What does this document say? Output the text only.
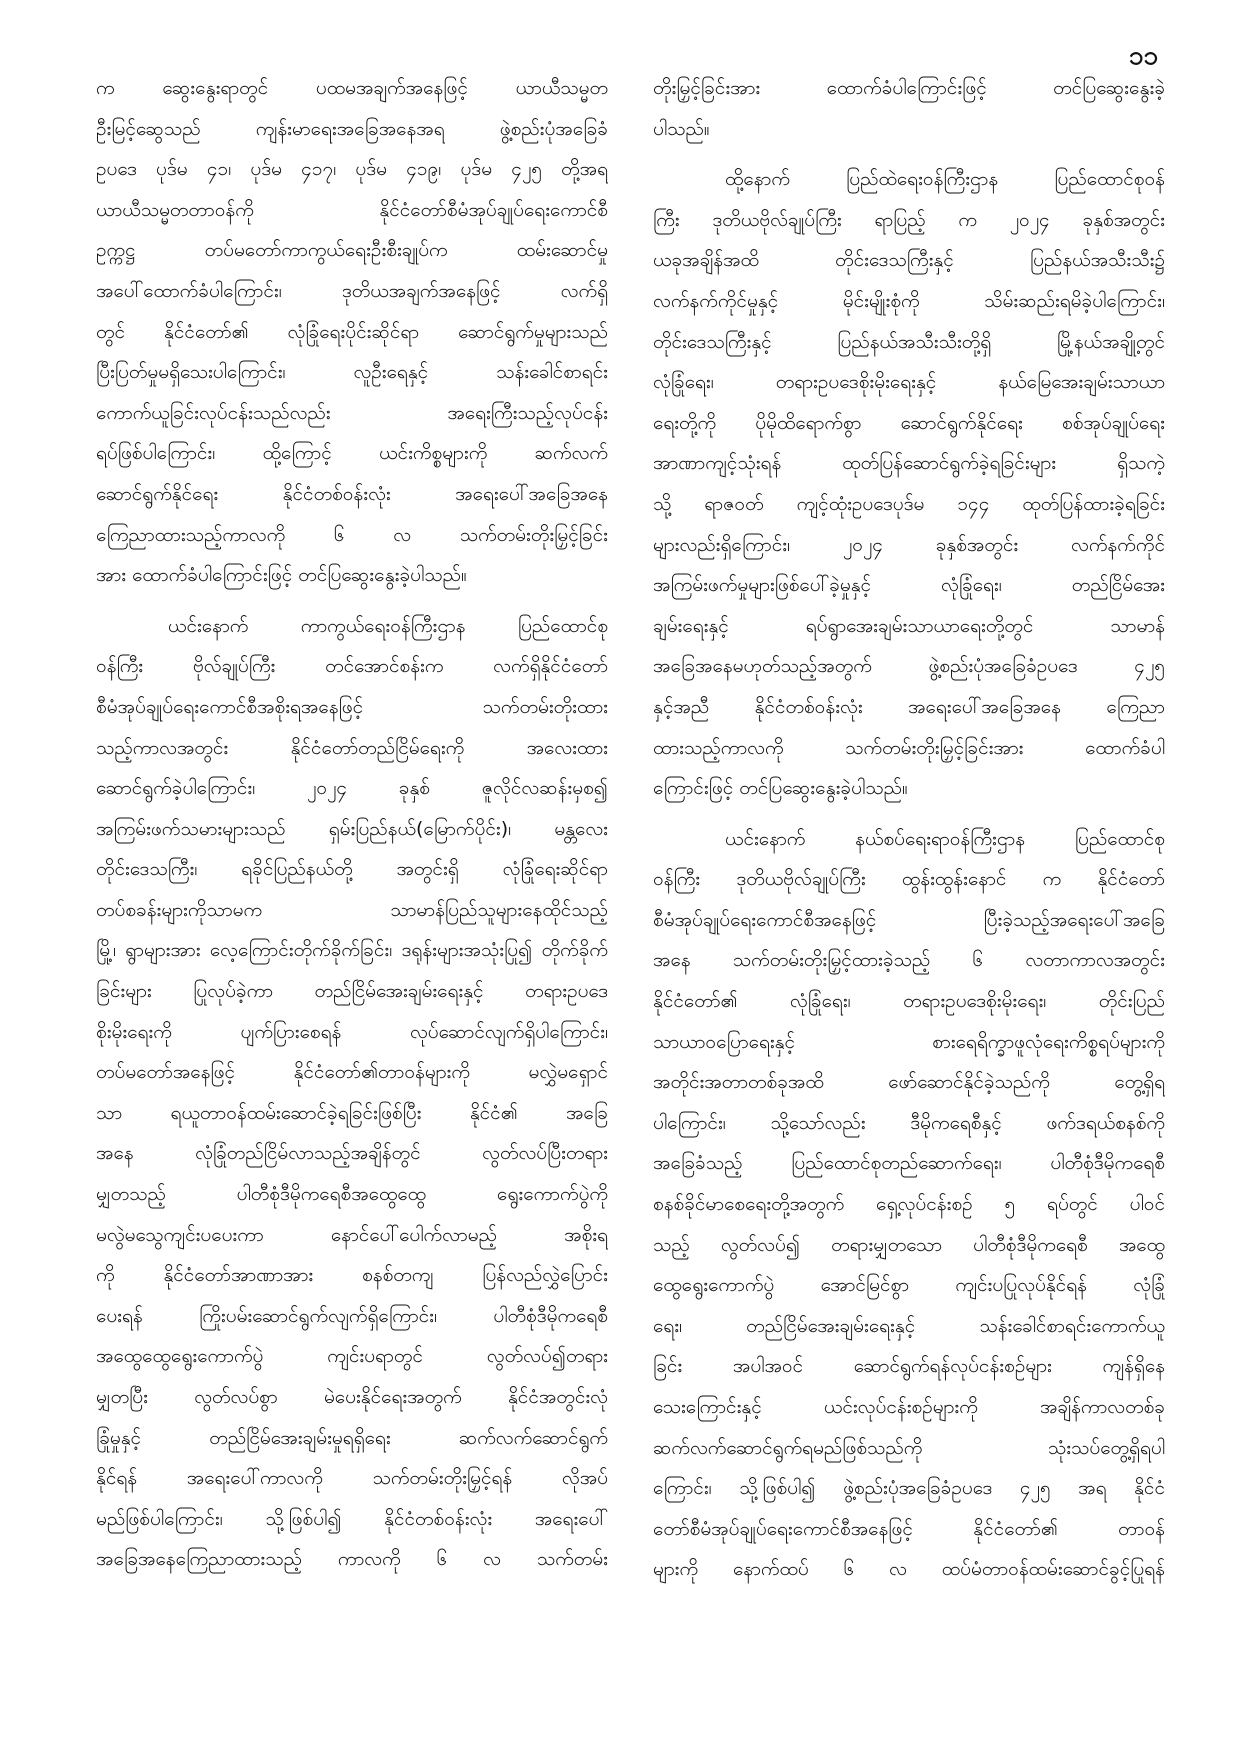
၁၁
က ဆွေးနွေးရာတွင် ပထမအချက်အနေဖြင့် ယာယီသမ္မတ
ဦးမြင့်ဆွေသည် ကျန်းမာရေးအခြေအနေအရ ဖွဲ့စည်းပုံအခြေခံ
ဥပဒေ ပုဒ်မ ၄၁၊ ပုဒ်မ ၄၁၇၊ ပုဒ်မ ၄၁၉၊ ပုဒ်မ ၄၂၅ တို့အရ
ယာယီသမ္မတတာဝန်ကို နိုင်ငံတော်စီမံအုပ်ချုပ်ရေးကောင်စီ
ဥက္ကဋ္ဌ တပ်မတော်ကာကွယ်ရေးဦးစီးချုပ်က ထမ်းဆောင်မှု
အပေါ်ထောက်ခံပါကြောင်း၊ ဒုတိယအချက်အနေဖြင့် လက်ရှိ
တွင် နိုင်ငံတော်၏ လုံခြုံရေးပိုင်းဆိုင်ရာ ဆောင်ရွက်မှုများသည်
ပြီးပြတ်မှုမရှိသေးပါကြောင်း၊ လူဦးရေနှင့် သန်းခေါင်စာရင်း
ကောက်ယူခြင်းလုပ်ငန်းသည်လည်း အရေးကြီးသည့်လုပ်ငန်း
ရပ်ဖြစ်ပါကြောင်း၊ ထို့ကြောင့် ယင်းကိစ္စများကို ဆက်လက်
ဆောင်ရွက်နိုင်ရေး နိုင်ငံတစ်ဝန်းလုံး အရေးပေါ်အခြေအနေ
ကြေညာထားသည့်ကာလကို ၆ လ သက်တမ်းတိုးမြှင့်ခြင်း
အား ထောက်ခံပါကြောင်းဖြင့် တင်ပြဆွေးနွေးခဲ့ပါသည်။
ယင်းနောက် ကာကွယ်ရေးဝန်ကြီးဌာန ပြည်ထောင်စု
ဝန်ကြီး ဗိုလ်ချုပ်ကြီး တင်အောင်စန်းက လက်ရှိနိုင်ငံတော်
စီမံအုပ်ချုပ်ရေးကောင်စီအစိုးရအနေဖြင့် သက်တမ်းတိုးထား
သည့်ကာလအတွင်း နိုင်ငံတော်တည်ငြိမ်ရေးကို အလေးထား
ဆောင်ရွက်ခဲ့ပါကြောင်း၊ ၂၀၂၄ ခုနှစ် ဇူလိုင်လဆန်းမှစ၍
အကြမ်းဖက်သမားများသည် ရှမ်းပြည်နယ်(မြောက်ပိုင်း)၊ မန္တလေး
တိုင်းဒေသကြီး၊ ရခိုင်ပြည်နယ်တို့ အတွင်းရှိ လုံခြုံရေးဆိုင်ရာ
တပ်စခန်းများကိုသာမက သာမာန်ပြည်သူများနေထိုင်သည့်
မြို့၊ ရွာများအား လေ့ကြောင်းတိုက်ခိုက်ခြင်း၊ ဒရုန်းများအသုံးပြု၍ တိုက်ခိုက်
ခြင်းများ ပြုလုပ်ခဲ့ကာ တည်ငြိမ်အေးချမ်းရေးနှင့် တရားဥပဒေ
စိုးမိုးရေးကို ပျက်ပြားစေရန် လုပ်ဆောင်လျက်ရှိပါကြောင်း၊
တပ်မတော်အနေဖြင့် နိုင်ငံတော်၏တာဝန်များကို မလွှဲမရှောင်
သာ ရယူတာဝန်ထမ်းဆောင်ခဲ့ရခြင်းဖြစ်ပြီး နိုင်ငံ၏ အခြေ
အနေ လုံခြုံတည်ငြိမ်လာသည့်အချိန်တွင် လွတ်လပ်ပြီးတရား
မျှတသည့် ပါတီစုံဒီမိုကရေစီအထွေထွေ ရွေးကောက်ပွဲကို
မလွဲမသွေကျင်းပပေးကာ နောင်ပေါ်ပေါက်လာမည့် အစိုးရ
ကို နိုင်ငံတော်အာဏာအား စနစ်တကျ ပြန်လည်လွှဲပြောင်း
ပေးရန် ကြိုးပမ်းဆောင်ရွက်လျက်ရှိကြောင်း၊ ပါတီစုံဒီမိုကရေစီ
အထွေထွေရွေးကောက်ပွဲ ကျင်းပရာတွင် လွတ်လပ်၍တရား
မျှတပြီး လွတ်လပ်စွာ မဲပေးနိုင်ရေးအတွက် နိုင်ငံအတွင်းလုံ
ခြုံမှုနှင့် တည်ငြိမ်အေးချမ်းမှုရရှိရေး ဆက်လက်ဆောင်ရွက်
နိုင်ရန် အရေးပေါ်ကာလကို သက်တမ်းတိုးမြှင့်ရန် လိုအပ်
မည်ဖြစ်ပါကြောင်း၊ သို့ဖြစ်ပါ၍ နိုင်ငံတစ်ဝန်းလုံး အရေးပေါ်
အခြေအနေကြေညာထားသည့် ကာလကို ၆ လ သက်တမ်း
တိုးမြှင့်ခြင်းအား ထောက်ခံပါကြောင်းဖြင့် တင်ပြဆွေးနွေးခဲ့
ပါသည်။
ထို့နောက် ပြည်ထဲရေးဝန်ကြီးဌာန ပြည်ထောင်စုဝန်
ကြီး ဒုတိယဗိုလ်ချုပ်ကြီး ရာပြည့် က ၂၀၂၄ ခုနှစ်အတွင်း
ယခုအချိန်အထိ တိုင်းဒေသကြီးနှင့် ပြည်နယ်အသီးသီး၌
လက်နက်ကိုင်မှုနှင့် မိုင်းမျိုးစုံကို သိမ်းဆည်းရမိခဲ့ပါကြောင်း၊
တိုင်းဒေသကြီးနှင့် ပြည်နယ်အသီးသီးတို့ရှိ မြို့နယ်အချို့တွင်
လုံခြုံရေး၊ တရားဥပဒေစိုးမိုးရေးနှင့် နယ်မြေအေးချမ်းသာယာ
ရေးတို့ကို ပိုမိုထိရောက်စွာ ဆောင်ရွက်နိုင်ရေး စစ်အုပ်ချုပ်ရေး
အာဏာကျင့်သုံးရန် ထုတ်ပြန်ဆောင်ရွက်ခဲ့ရခြင်းများ ရှိသကဲ့
သို့ ရာဇဝတ် ကျင့်ထုံးဥပဒေပုဒ်မ ၁၄၄ ထုတ်ပြန်ထားခဲ့ရခြင်း
များလည်းရှိကြောင်း၊ ၂၀၂၄ ခုနှစ်အတွင်း လက်နက်ကိုင်
အကြမ်းဖက်မှုများဖြစ်ပေါ်ခဲ့မှုနှင့် လုံခြုံရေး၊ တည်ငြိမ်အေး
ချမ်းရေးနှင့် ရပ်ရွာအေးချမ်းသာယာရေးတို့တွင် သာမာန်
အခြေအနေမဟုတ်သည့်အတွက် ဖွဲ့စည်းပုံအခြေခံဥပဒေ ၄၂၅
နှင့်အညီ နိုင်ငံတစ်ဝန်းလုံး အရေးပေါ်အခြေအနေ ကြေညာ
ထားသည့်ကာလကို သက်တမ်းတိုးမြှင့်ခြင်းအား ထောက်ခံပါ
ကြောင်းဖြင့် တင်ပြဆွေးနွေးခဲ့ပါသည်။
ယင်းနောက် နယ်စပ်ရေးရာဝန်ကြီးဌာန ပြည်ထောင်စု
ဝန်ကြီး ဒုတိယဗိုလ်ချုပ်ကြီး ထွန်းထွန်းနောင် က နိုင်ငံတော်
စီမံအုပ်ချုပ်ရေးကောင်စီအနေဖြင့် ပြီးခဲ့သည့်အရေးပေါ်အခြေ
အနေ သက်တမ်းတိုးမြှင့်ထားခဲ့သည့် ၆ လတာကာလအတွင်း
နိုင်ငံတော်၏ လုံခြုံရေး၊ တရားဥပဒေစိုးမိုးရေး၊ တိုင်းပြည်
သာယာဝပြောရေးနှင့် စားရေရိက္ခာဖူလုံရေးကိစ္စရပ်များကို
အတိုင်းအတာတစ်ခုအထိ ဖော်ဆောင်နိုင်ခဲ့သည်ကို တွေ့ရှိရ
ပါကြောင်း၊ သို့သော်လည်း ဒီမိုကရေစီနှင့် ဖက်ဒရယ်စနစ်ကို
အခြေခံသည့် ပြည်ထောင်စုတည်ဆောက်ရေး၊ ပါတီစုံဒီမိုကရေစီ
စနစ်ခိုင်မာစေရေးတို့အတွက် ရှေ့လုပ်ငန်းစဉ် ၅ ရပ်တွင် ပါဝင်
သည့် လွတ်လပ်၍ တရားမျှတသော ပါတီစုံဒီမိုကရေစီ အထွေ
ထွေရွေးကောက်ပွဲ အောင်မြင်စွာ ကျင်းပပြုလုပ်နိုင်ရန် လုံခြုံ
ရေး၊ တည်ငြိမ်အေးချမ်းရေးနှင့် သန်းခေါင်စာရင်းကောက်ယူ
ခြင်း အပါအဝင် ဆောင်ရွက်ရန်လုပ်ငန်းစဉ်များ ကျန်ရှိနေ
သေးကြောင်းနှင့် ယင်းလုပ်ငန်းစဉ်များကို အချိန်ကာလတစ်ခု
ဆက်လက်ဆောင်ရွက်ရမည်ဖြစ်သည်ကို သုံးသပ်တွေ့ရှိရပါ
ကြောင်း၊ သို့ဖြစ်ပါ၍ ဖွဲ့စည်းပုံအခြေခံဥပဒေ ၄၂၅ အရ နိုင်ငံ
တော်စီမံအုပ်ချုပ်ရေးကောင်စီအနေဖြင့် နိုင်ငံတော်၏ တာဝန်
များကို နောက်ထပ် ၆ လ ထပ်မံတာဝန်ထမ်းဆောင်ခွင့်ပြုရန်
